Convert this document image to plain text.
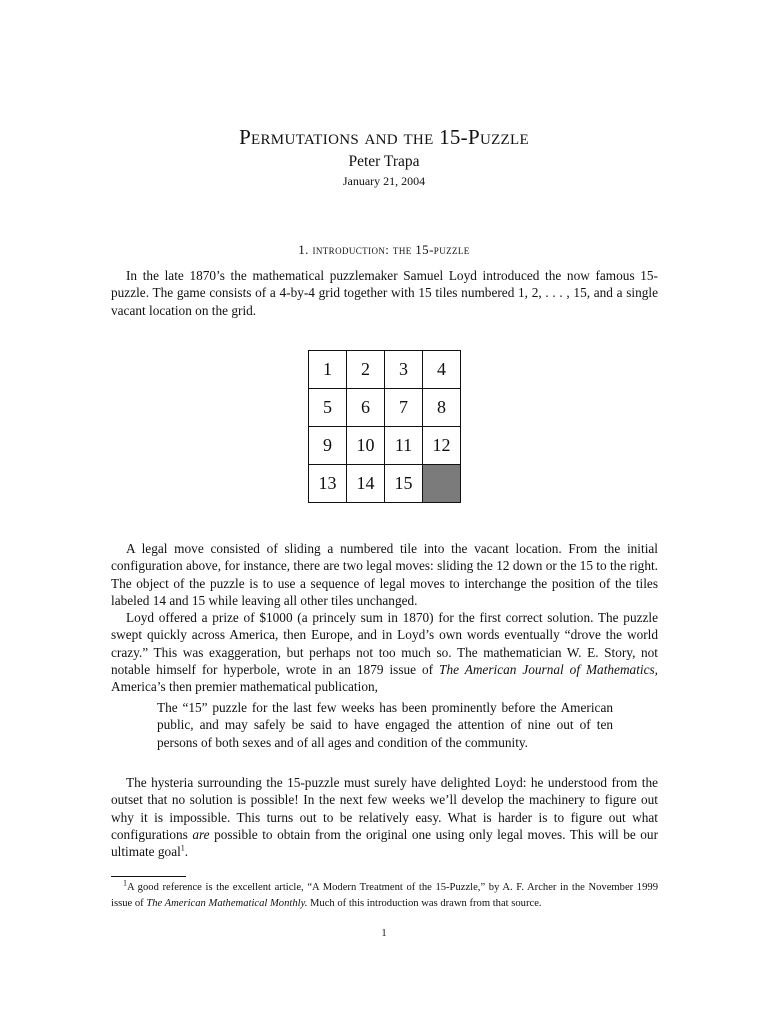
Permutations and the 15-Puzzle
Peter Trapa
January 21, 2004
1. introduction: the 15-puzzle

In the late 1870’s the mathematical puzzlemaker Samuel Loyd introduced the now famous 15-puzzle. The game consists of a 4-by-4 grid together with 15 tiles numbered 1, 2, . . . , 15, and a single vacant location on the grid.

1	2	3	4
5	6	7	8
9	10	11	12
13	14	15	

A legal move consisted of sliding a numbered tile into the vacant location. From the initial configuration above, for instance, there are two legal moves: sliding the 12 down or the 15 to the right. The object of the puzzle is to use a sequence of legal moves to interchange the position of the tiles labeled 14 and 15 while leaving all other tiles unchanged.

Loyd offered a prize of $1000 (a princely sum in 1870) for the first correct solution. The puzzle swept quickly across America, then Europe, and in Loyd’s own words eventually “drove the world crazy.” This was exaggeration, but perhaps not too much so. The mathematician W. E. Story, not notable himself for hyperbole, wrote in an 1879 issue of The American Journal of Mathematics, America’s then premier mathematical publication,

The “15” puzzle for the last few weeks has been prominently before the American public, and may safely be said to have engaged the attention of nine out of ten persons of both sexes and of all ages and condition of the community.

The hysteria surrounding the 15-puzzle must surely have delighted Loyd: he understood from the outset that no solution is possible! In the next few weeks we’ll develop the machinery to figure out why it is impossible. This turns out to be relatively easy. What is harder is to figure out what configurations are possible to obtain from the original one using only legal moves. This will be our ultimate goal$^1$.

$^1$A good reference is the excellent article, “A Modern Treatment of the 15-Puzzle,” by A. F. Archer in the November 1999 issue of The American Mathematical Monthly. Much of this introduction was drawn from that source.

1
